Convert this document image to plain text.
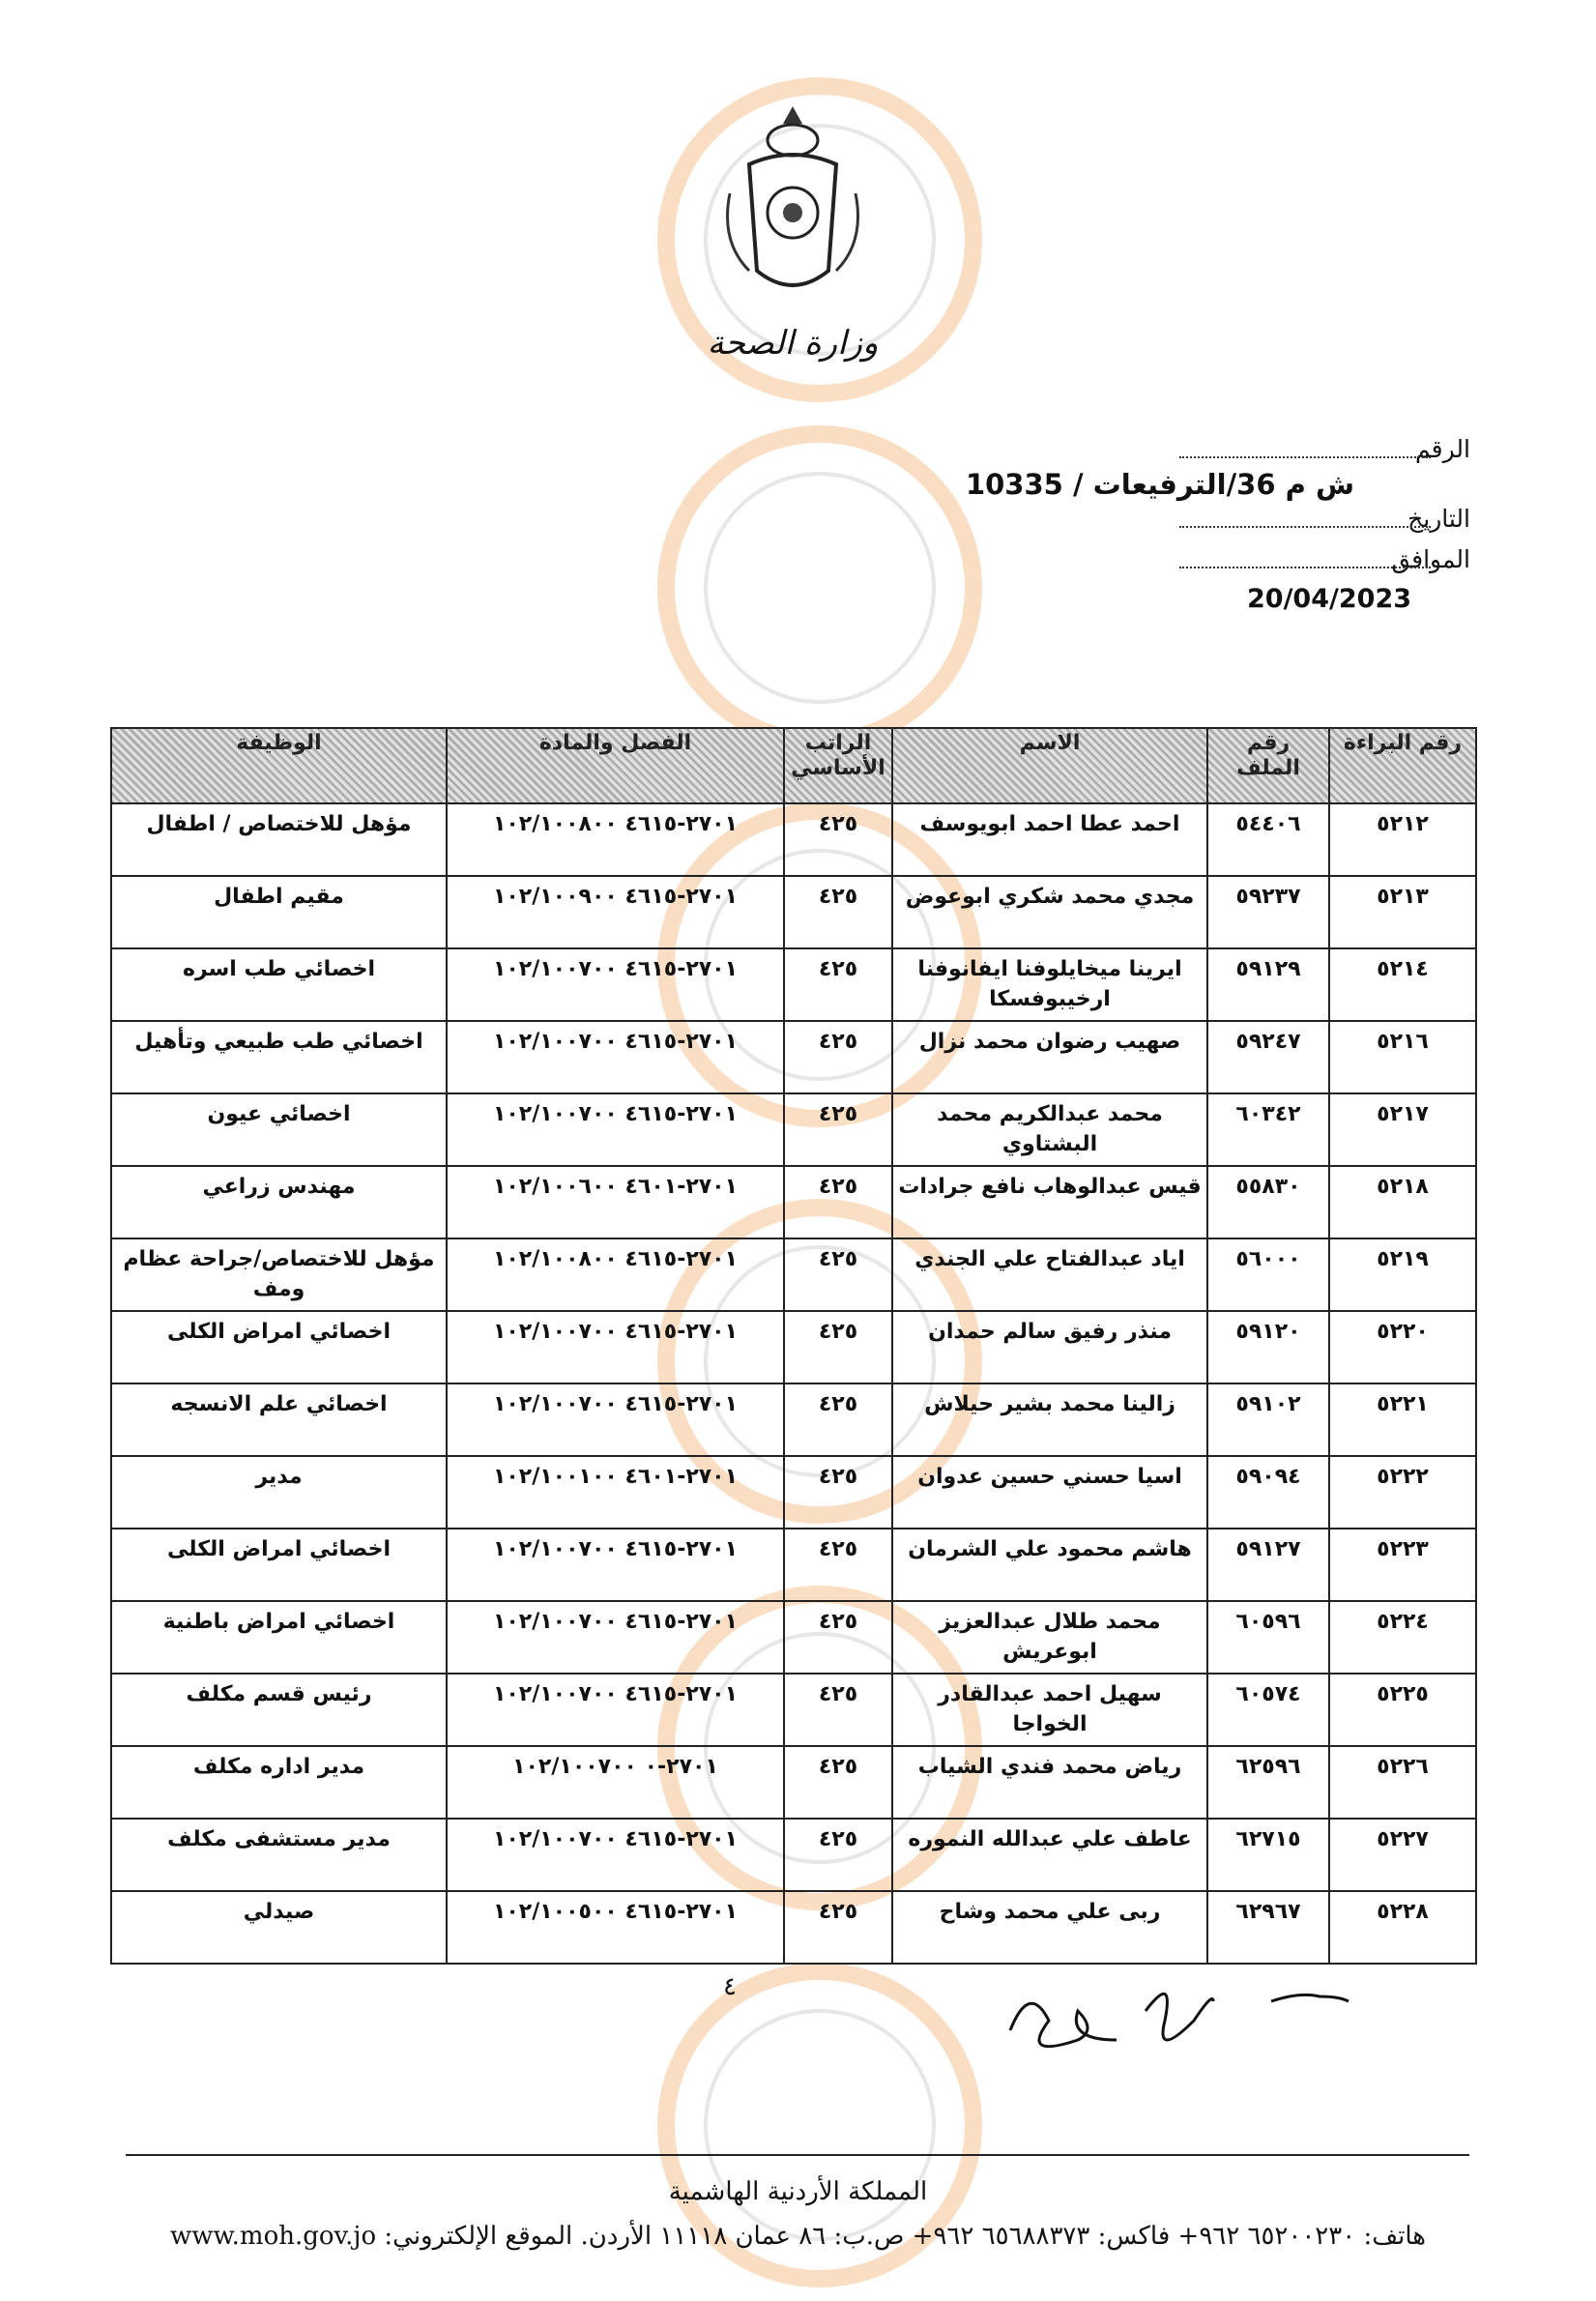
وزارة الصحة
الرقم
ش م 36/الترفيعات / 10335
التاريخ
الموافق
20/04/2023
رقم البراءة	رقم الملف	الاسم	الراتب الأساسي	الفصل والمادة	الوظيفة
٥٢١٢	٥٤٤٠٦	احمد عطا احمد ابويوسف	٤٢٥	١٠٢/١٠٠٨٠٠ ٤٦١٥-٢٧٠١	مؤهل للاختصاص / اطفال
٥٢١٣	٥٩٢٣٧	مجدي محمد شكري ابوعوض	٤٢٥	١٠٢/١٠٠٩٠٠ ٤٦١٥-٢٧٠١	مقيم اطفال
٥٢١٤	٥٩١٢٩	ايرينا ميخايلوفنا ايفانوفنا ارخيبوفسكا	٤٢٥	١٠٢/١٠٠٧٠٠ ٤٦١٥-٢٧٠١	اخصائي طب اسره
٥٢١٦	٥٩٢٤٧	صهيب رضوان محمد نزال	٤٢٥	١٠٢/١٠٠٧٠٠ ٤٦١٥-٢٧٠١	اخصائي طب طبيعي وتأهيل
٥٢١٧	٦٠٣٤٢	محمد عبدالكريم محمد البشتاوي	٤٢٥	١٠٢/١٠٠٧٠٠ ٤٦١٥-٢٧٠١	اخصائي عيون
٥٢١٨	٥٥٨٣٠	قيس عبدالوهاب نافع جرادات	٤٢٥	١٠٢/١٠٠٦٠٠ ٤٦٠١-٢٧٠١	مهندس زراعي
٥٢١٩	٥٦٠٠٠	اياد عبدالفتاح علي الجندي	٤٢٥	١٠٢/١٠٠٨٠٠ ٤٦١٥-٢٧٠١	مؤهل للاختصاص/جراحة عظام ومف
٥٢٢٠	٥٩١٢٠	منذر رفيق سالم حمدان	٤٢٥	١٠٢/١٠٠٧٠٠ ٤٦١٥-٢٧٠١	اخصائي امراض الكلى
٥٢٢١	٥٩١٠٢	زالينا محمد بشير حيلاش	٤٢٥	١٠٢/١٠٠٧٠٠ ٤٦١٥-٢٧٠١	اخصائي علم الانسجه
٥٢٢٢	٥٩٠٩٤	اسيا حسني حسين عدوان	٤٢٥	١٠٢/١٠٠١٠٠ ٤٦٠١-٢٧٠١	مدير
٥٢٢٣	٥٩١٢٧	هاشم محمود علي الشرمان	٤٢٥	١٠٢/١٠٠٧٠٠ ٤٦١٥-٢٧٠١	اخصائي امراض الكلى
٥٢٢٤	٦٠٥٩٦	محمد طلال عبدالعزيز ابوعريش	٤٢٥	١٠٢/١٠٠٧٠٠ ٤٦١٥-٢٧٠١	اخصائي امراض باطنية
٥٢٢٥	٦٠٥٧٤	سهيل احمد عبدالقادر الخواجا	٤٢٥	١٠٢/١٠٠٧٠٠ ٤٦١٥-٢٧٠١	رئيس قسم مكلف
٥٢٢٦	٦٢٥٩٦	رياض محمد فندي الشياب	٤٢٥	١٠٢/١٠٠٧٠٠ ٠-٢٧٠١	مدير اداره مكلف
٥٢٢٧	٦٢٧١٥	عاطف علي عبدالله النموره	٤٢٥	١٠٢/١٠٠٧٠٠ ٤٦١٥-٢٧٠١	مدير مستشفى مكلف
٥٢٢٨	٦٢٩٦٧	ربى علي محمد وشاح	٤٢٥	١٠٢/١٠٠٥٠٠ ٤٦١٥-٢٧٠١	صيدلي
٤
المملكة الأردنية الهاشمية
هاتف: ٦٥٢٠٠٢٣٠ ٩٦٢+ فاكس: ٦٥٦٨٨٣٧٣ ٩٦٢+ ص.ب: ٨٦ عمان ١١١١٨ الأردن. الموقع الإلكتروني: www.moh.gov.jo
